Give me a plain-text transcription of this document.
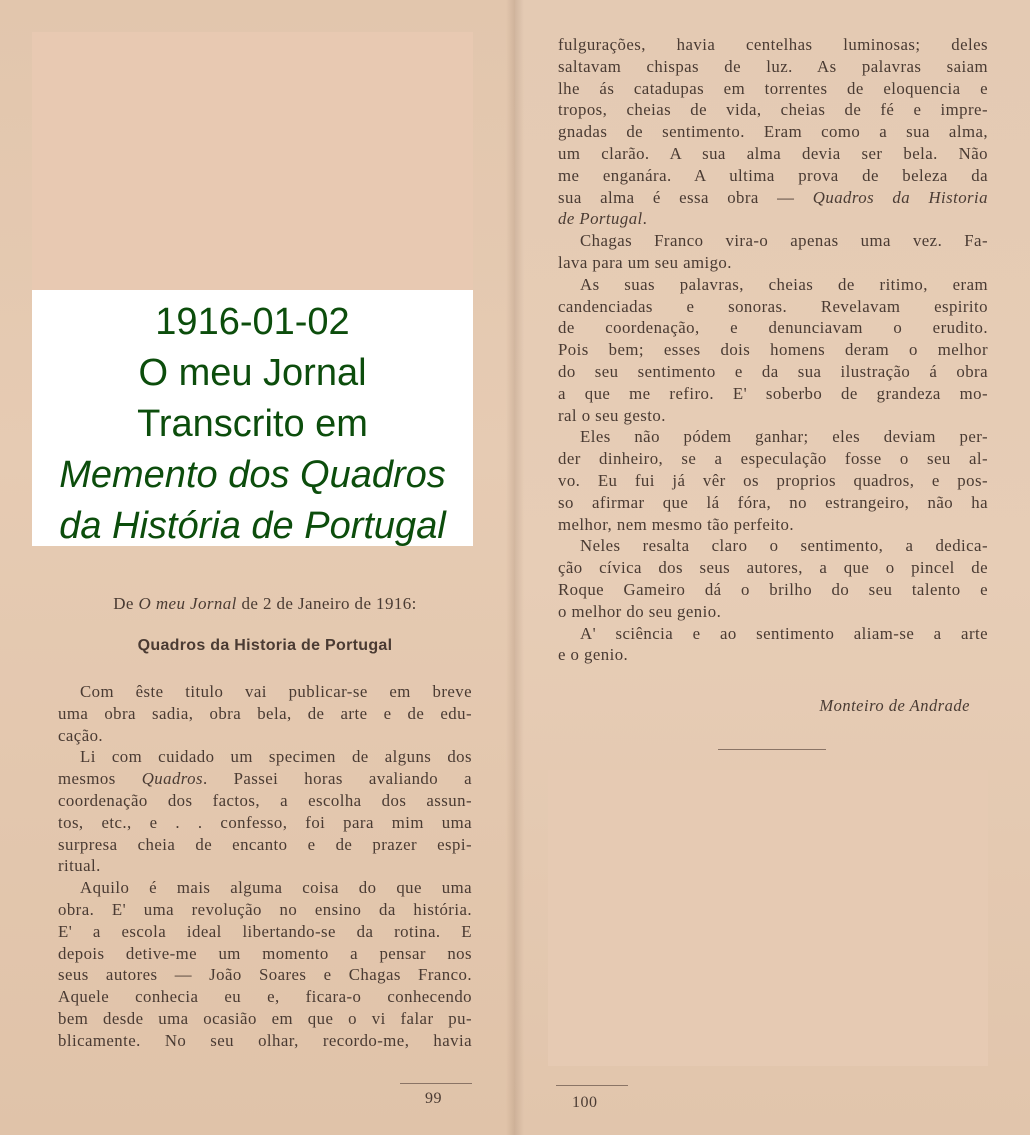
1916-01-02
O meu Jornal
Transcrito em
Memento dos Quadros
da História de Portugal
De O meu Jornal de 2 de Janeiro de 1916:
Quadros da Historia de Portugal
Com êste titulo vai publicar-se em breve
uma obra sadia, obra bela, de arte e de edu-
cação.
Li com cuidado um specimen de alguns dos
mesmos Quadros. Passei horas avaliando a
coordenação dos factos, a escolha dos assun-
tos, etc., e . . confesso, foi para mim uma
surpresa cheia de encanto e de prazer espi-
ritual.
Aquilo é mais alguma coisa do que uma
obra. E' uma revolução no ensino da história.
E' a escola ideal libertando-se da rotina. E
depois detive-me um momento a pensar nos
seus autores — João Soares e Chagas Franco.
Aquele conhecia eu e, ficara-o conhecendo
bem desde uma ocasião em que o vi falar pu-
blicamente. No seu olhar, recordo-me, havia
fulgurações, havia centelhas luminosas; deles
saltavam chispas de luz. As palavras saiam
lhe ás catadupas em torrentes de eloquencia e
tropos, cheias de vida, cheias de fé e impre-
gnadas de sentimento. Eram como a sua alma,
um clarão. A sua alma devia ser bela. Não
me enganára. A ultima prova de beleza da
sua alma é essa obra — Quadros da Historia
de Portugal.
Chagas Franco vira-o apenas uma vez. Fa-
lava para um seu amigo.
As suas palavras, cheias de ritimo, eram
candenciadas e sonoras. Revelavam espirito
de coordenação, e denunciavam o erudito.
Pois bem; esses dois homens deram o melhor
do seu sentimento e da sua ilustração á obra
a que me refiro. E' soberbo de grandeza mo-
ral o seu gesto.
Eles não pódem ganhar; eles deviam per-
der dinheiro, se a especulação fosse o seu al-
vo. Eu fui já vêr os proprios quadros, e pos-
so afirmar que lá fóra, no estrangeiro, não ha
melhor, nem mesmo tão perfeito.
Neles resalta claro o sentimento, a dedica-
ção cívica dos seus autores, a que o pincel de
Roque Gameiro dá o brilho do seu talento e
o melhor do seu genio.
A' sciência e ao sentimento aliam-se a arte
e o genio.
Monteiro de Andrade
99	100
